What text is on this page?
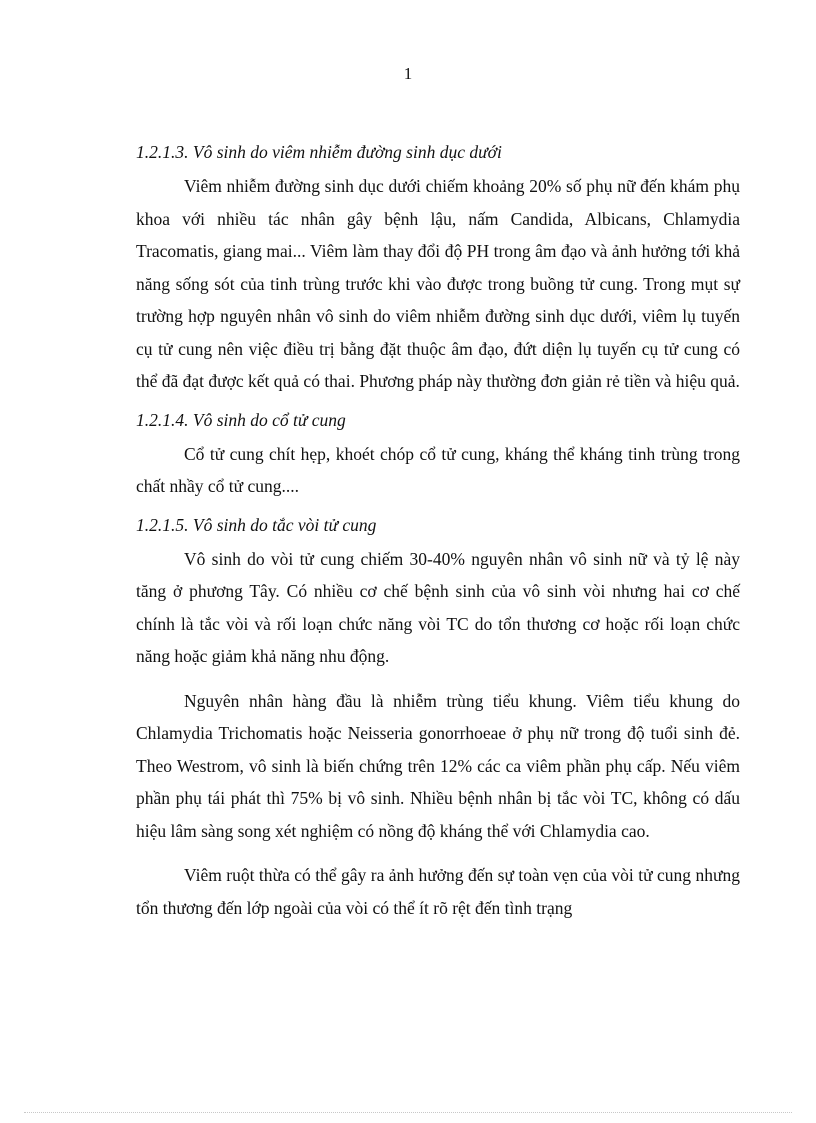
1

1.2.1.3. Vô sinh do viêm nhiễm đường sinh dục dưới

Viêm nhiễm đường sinh dục dưới chiếm khoảng 20% số phụ nữ đến khám phụ khoa với nhiều tác nhân gây bệnh lậu, nấm Candida, Albicans, Chlamydia Tracomatis, giang mai... Viêm làm thay đổi độ PH trong âm đạo và ảnh hưởng tới khả năng sống sót của tinh trùng trước khi vào được trong buồng tử cung. Trong mụt sự trường hợp nguyên nhân vô sinh do viêm nhiễm đường sinh dục dưới, viêm lụ tuyến cụ tử cung nên việc điều trị bằng đặt thuộc âm đạo, đứt diện lụ tuyến cụ tử cung có thể đã đạt được kết quả có thai. Phương pháp này thường đơn giản rẻ tiền và hiệu quả.

1.2.1.4. Vô sinh do cổ tử cung

Cổ tử cung chít hẹp, khoét chóp cổ tử cung, kháng thể kháng tinh trùng trong chất nhầy cổ tử cung....

1.2.1.5. Vô sinh do tắc vòi tử cung

Vô sinh do vòi tử cung chiếm 30-40% nguyên nhân vô sinh nữ và tỷ lệ này tăng ở phương Tây. Có nhiều cơ chế bệnh sinh của vô sinh vòi nhưng hai cơ chế chính là tắc vòi và rối loạn chức năng vòi TC do tổn thương cơ hoặc rối loạn chức năng hoặc giảm khả năng nhu động.

Nguyên nhân hàng đầu là nhiễm trùng tiểu khung. Viêm tiểu khung do Chlamydia Trichomatis hoặc Neisseria gonorrhoeae ở phụ nữ trong độ tuổi sinh đẻ. Theo Westrom, vô sinh là biến chứng trên 12% các ca viêm phần phụ cấp. Nếu viêm phần phụ tái phát thì 75% bị vô sinh. Nhiều bệnh nhân bị tắc vòi TC, không có dấu hiệu lâm sàng song xét nghiệm có nồng độ kháng thể với Chlamydia cao.

Viêm ruột thừa có thể gây ra ảnh hưởng đến sự toàn vẹn của vòi tử cung nhưng tổn thương đến lớp ngoài của vòi có thể ít rõ rệt đến tình trạng
